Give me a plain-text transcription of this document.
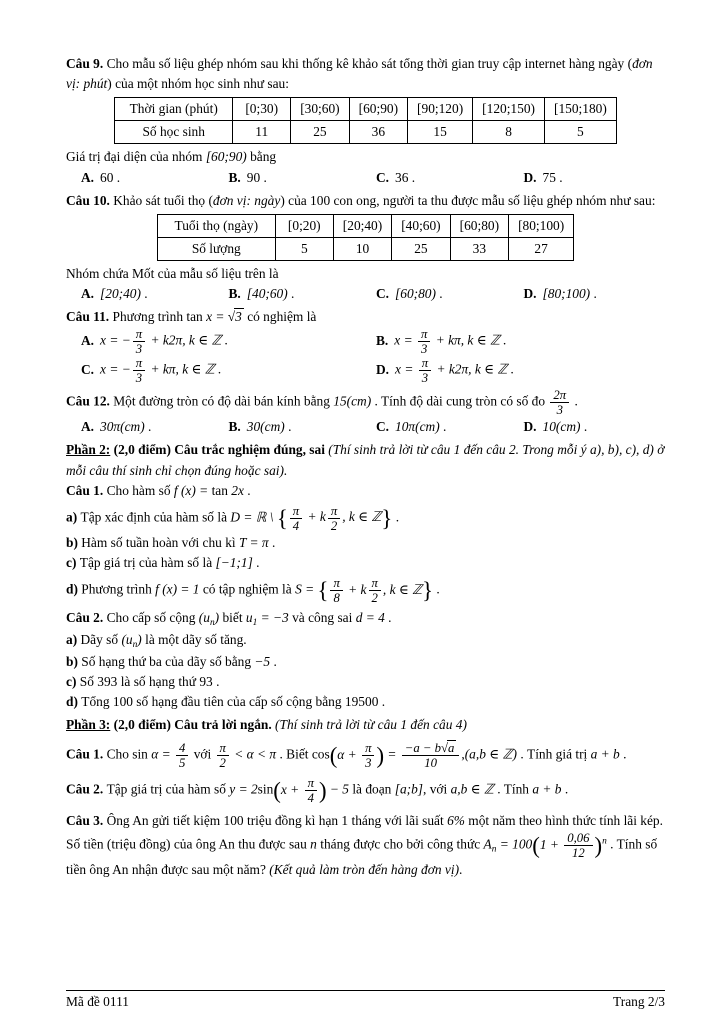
Câu 9. Cho mẫu số liệu ghép nhóm sau khi thống kê khảo sát tổng thời gian truy cập internet hàng ngày (đơn vị: phút) của một nhóm học sinh như sau:
Thời gian (phút)	[0;30)	[30;60)	[60;90)	[90;120)	[120;150)	[150;180)
Số học sinh	11	25	36	15	8	5
Giá trị đại diện của nhóm [60;90) bằng
A. 60 .	B. 90 .	C. 36 .	D. 75 .
Câu 10. Khảo sát tuổi thọ (đơn vị: ngày) của 100 con ong, người ta thu được mẫu số liệu ghép nhóm như sau:
Tuổi thọ (ngày)	[0;20)	[20;40)	[40;60)	[60;80)	[80;100)
Số lượng	5	10	25	33	27
Nhóm chứa Mốt của mẫu số liệu trên là
A. [20;40) .	B. [40;60) .	C. [60;80) .	D. [80;100) .
Câu 11. Phương trình tan x = √3 có nghiệm là
A. x = − $\frac{\pi}{3} + k2\pi$, k ∈ ℤ .	B. $x = \frac{\pi}{3} + k\pi$, k ∈ ℤ .
C. x = − $\frac{\pi}{3} + k\pi$, k ∈ ℤ .	D. $x = \frac{\pi}{3} + k2\pi$, k ∈ ℤ .
Câu 12. Một đường tròn có độ dài bán kính bằng 15(cm) . Tính độ dài cung tròn có số đo $\frac{2\pi}{3}$ .
A. 30π(cm) .	B. 30(cm) .	C. 10π(cm) .	D. 10(cm) .
Phần 2: (2,0 điểm) Câu trắc nghiệm đúng, sai (Thí sinh trả lời từ câu 1 đến câu 2. Trong mỗi ý a), b), c), d) ở mỗi câu thí sinh chỉ chọn đúng hoặc sai).
Câu 1. Cho hàm số f (x) = tan 2x .
a) Tập xác định của hàm số là D = ℝ \ { $\frac{\pi}{4} + k \frac{\pi}{2}$ , k ∈ ℤ} .
b) Hàm số tuần hoàn với chu kì T = π .
c) Tập giá trị của hàm số là [−1;1] .
d) Phương trình f (x) = 1 có tập nghiệm là S = { $\frac{\pi}{8} + k \frac{\pi}{2}$ , k ∈ ℤ} .
Câu 2. Cho cấp số cộng $(u_n)$ biết $u_1 = -3$ và công sai d = 4 .
a) Dãy số $(u_n)$ là một dãy số tăng.
b) Số hạng thứ ba của dãy số bằng −5 .
c) Số 393 là số hạng thứ 93 .
d) Tổng 100 số hạng đầu tiên của cấp số cộng bằng 19500 .
Phần 3: (2,0 điểm) Câu trả lời ngắn. (Thí sinh trả lời từ câu 1 đến câu 4)
Câu 1. Cho $\sin \alpha = \frac{4}{5}$ với $\frac{\pi}{2} < \alpha < \pi$ . Biết $\cos(\alpha + \frac{\pi}{3}$ ) = $\frac{-a - b√a}{10} ,(a,b$ ∈ ℤ) . Tính giá trị a + b .
Câu 2. Tập giá trị của hàm số $y = 2\sin(x + \frac{\pi}{4}$ ) − 5 là đoạn [a;b], với a,b ∈ ℤ . Tính a + b .
Câu 3. Ông An gửi tiết kiệm 100 triệu đồng kì hạn 1 tháng với lãi suất 6% một năm theo hình thức tính lãi kép. Số tiền (triệu đồng) của ông An thu được sau n tháng được cho bởi công thức $A_n = 100(1 + \frac{0,06}{12} )^n$ . Tính số tiền ông An nhận được sau một năm? (Kết quả làm tròn đến hàng đơn vị).
Mã đề 0111	Trang 2/3
